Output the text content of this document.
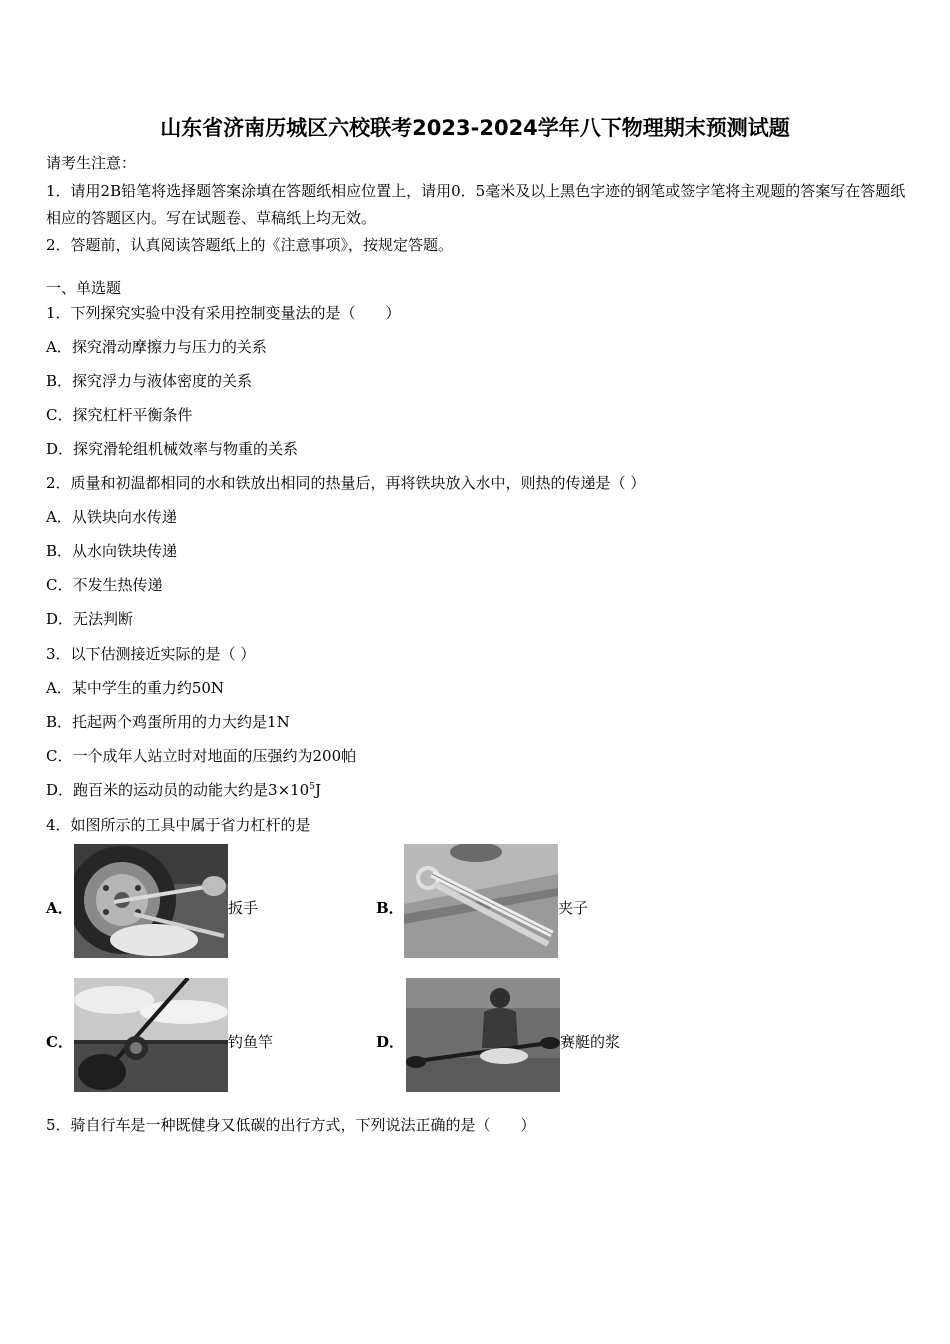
山东省济南历城区六校联考2023-2024学年八下物理期末预测试题
请考生注意：
1．请用2B铅笔将选择题答案涂填在答题纸相应位置上，请用0．5毫米及以上黑色字迹的钢笔或签字笔将主观题的答案写在答题纸相应的答题区内。写在试题卷、草稿纸上均无效。
2．答题前，认真阅读答题纸上的《注意事项》，按规定答题。
一、单选题
1．下列探究实验中没有采用控制变量法的是（　　）
A．探究滑动摩擦力与压力的关系
B．探究浮力与液体密度的关系
C．探究杠杆平衡条件
D．探究滑轮组机械效率与物重的关系
2．质量和初温都相同的水和铁放出相同的热量后，再将铁块放入水中，则热的传递是（ ）
A．从铁块向水传递
B．从水向铁块传递
C．不发生热传递
D．无法判断
3．以下估测接近实际的是（ ）
A．某中学生的重力约50N
B．托起两个鸡蛋所用的力大约是1N
C．一个成年人站立时对地面的压强约为200帕
D．跑百米的运动员的动能大约是$3\times 10^5J$
4．如图所示的工具中属于省力杠杆的是
A．	扳手	B．	夹子
C．	钓鱼竿	D．	赛艇的浆
5．骑自行车是一种既健身又低碳的出行方式，下列说法正确的是（　　）
